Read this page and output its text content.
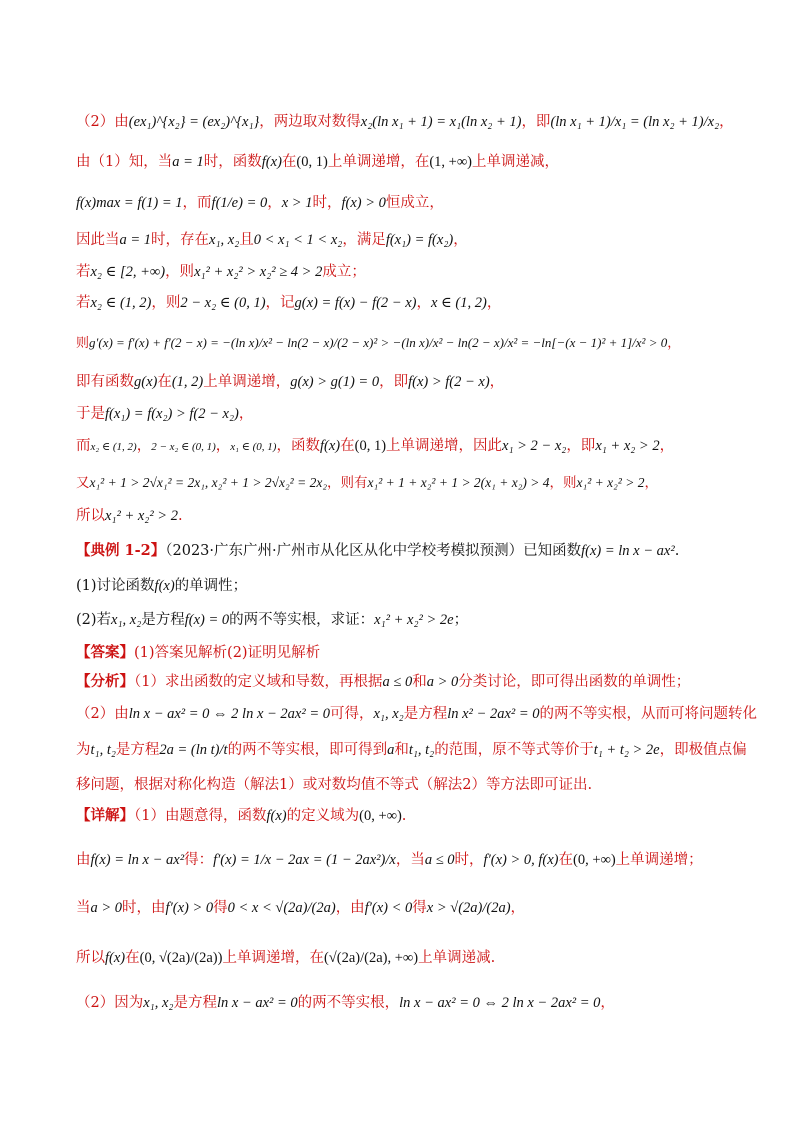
（2）由(ex₁)^{x₂} = (ex₂)^{x₁}，两边取对数得x₂(ln x₁ + 1) = x₁(ln x₂ + 1)，即(ln x₁ + 1)/x₁ = (ln x₂ + 1)/x₂，
由（1）知，当a = 1时，函数f(x)在(0, 1)上单调递增，在(1, +∞)上单调递减，
f(x)max = f(1) = 1，而f(1/e) = 0，x > 1时，f(x) > 0恒成立，
因此当a = 1时，存在x₁, x₂且0 < x₁ < 1 < x₂，满足f(x₁) = f(x₂)，
若x₂ ∈ [2, +∞)，则x₁² + x₂² > x₂² ≥ 4 > 2成立；
若x₂ ∈ (1, 2)，则2 − x₂ ∈ (0, 1)，记g(x) = f(x) − f(2 − x)，x ∈ (1, 2)，
则g′(x) = f′(x) + f′(2 − x) = −(ln x)/x² − ln(2 − x)/(2 − x)² > −(ln x)/x² − ln(2 − x)/x² = −ln[−(x − 1)² + 1]/x² > 0，
即有函数g(x)在(1, 2)上单调递增，g(x) > g(1) = 0，即f(x) > f(2 − x)，
于是f(x₁) = f(x₂) > f(2 − x₂)，
而x₂ ∈ (1, 2)，2 − x₂ ∈ (0, 1)，x₁ ∈ (0, 1)，函数f(x)在(0, 1)上单调递增，因此x₁ > 2 − x₂，即x₁ + x₂ > 2，
又x₁² + 1 > 2√x₁² = 2x₁, x₂² + 1 > 2√x₂² = 2x₂，则有x₁² + 1 + x₂² + 1 > 2(x₁ + x₂) > 4，则x₁² + x₂² > 2，
所以x₁² + x₂² > 2.
【典例 1-2】（2023·广东广州·广州市从化区从化中学校考模拟预测）已知函数f(x) = ln x − ax².
(1)讨论函数f(x)的单调性；
(2)若x₁, x₂是方程f(x) = 0的两不等实根，求证：x₁² + x₂² > 2e；
【答案】(1)答案见解析(2)证明见解析
【分析】（1）求出函数的定义域和导数，再根据a ≤ 0和a > 0分类讨论，即可得出函数的单调性；
（2）由ln x − ax² = 0 ⇔ 2 ln x − 2ax² = 0可得，x₁, x₂是方程ln x² − 2ax² = 0的两不等实根，从而可将问题转化
为t₁, t₂是方程2a = (ln t)/t的两不等实根，即可得到a和t₁, t₂的范围，原不等式等价于t₁ + t₂ > 2e，即极值点偏
移问题，根据对称化构造（解法1）或对数均值不等式（解法2）等方法即可证出.
【详解】（1）由题意得，函数f(x)的定义域为(0, +∞).
由f(x) = ln x − ax²得：f′(x) = 1/x − 2ax = (1 − 2ax²)/x，当a ≤ 0时，f′(x) > 0, f(x)在(0, +∞)上单调递增；
当a > 0时，由f′(x) > 0得0 < x < √(2a)/(2a)，由f′(x) < 0得x > √(2a)/(2a)，
所以f(x)在(0, √(2a)/(2a))上单调递增，在(√(2a)/(2a), +∞)上单调递减.
（2）因为x₁, x₂是方程ln x − ax² = 0的两不等实根，ln x − ax² = 0 ⇔ 2 ln x − 2ax² = 0，
